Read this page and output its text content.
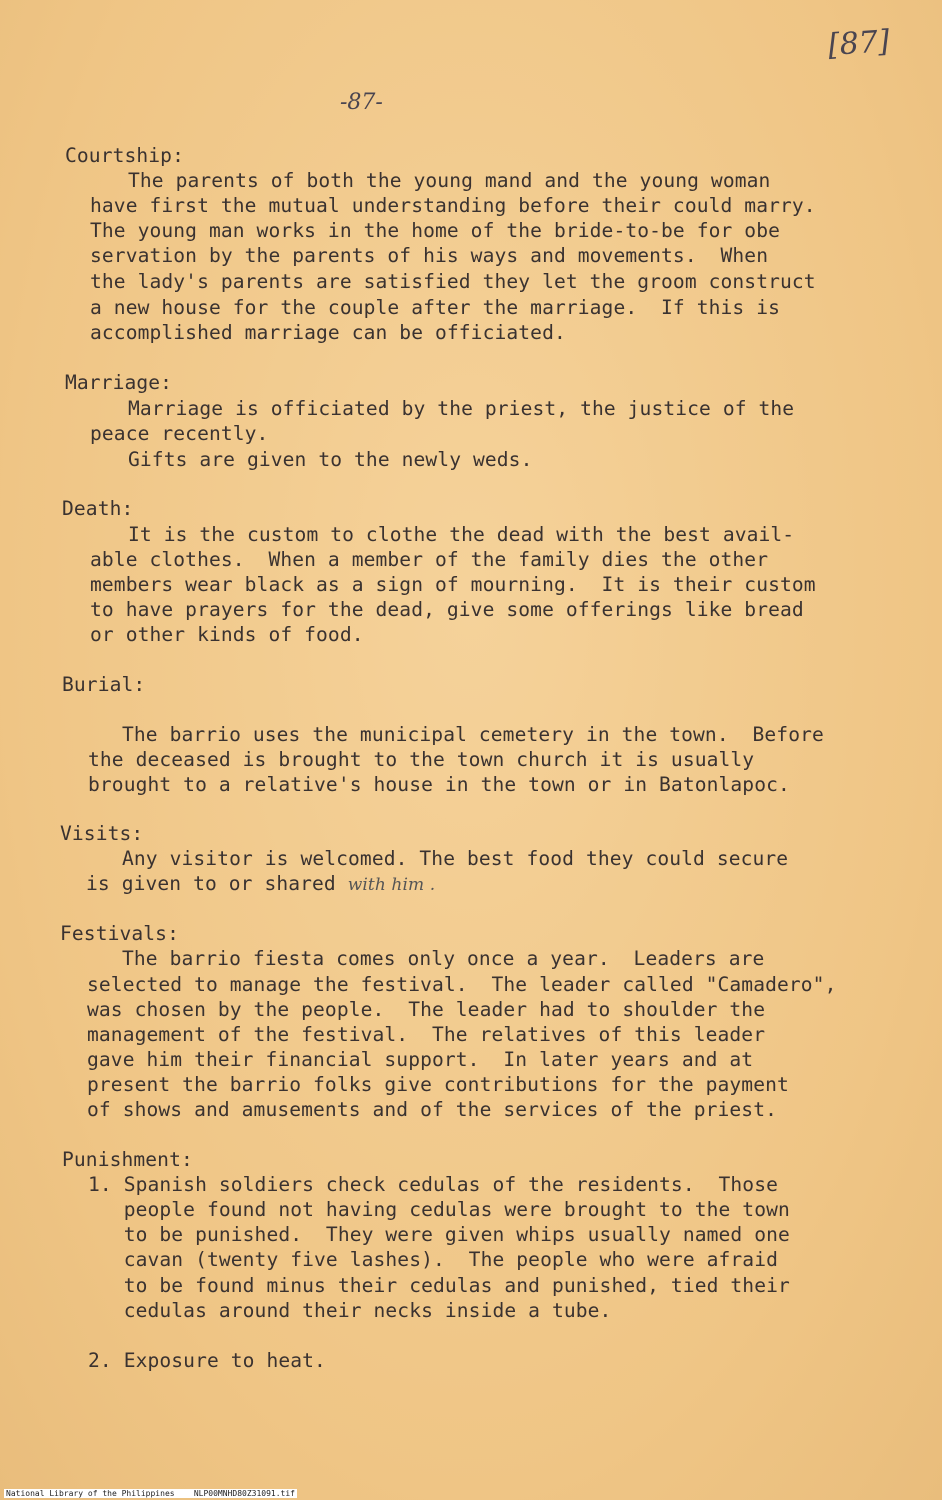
[87]
-87-
Courtship:
The parents of both the young mand and the young woman
have first the mutual understanding before their could marry.
The young man works in the home of the bride-to-be for obe
servation by the parents of his ways and movements.  When
the lady's parents are satisfied they let the groom construct
a new house for the couple after the marriage.  If this is
accomplished marriage can be officiated.
Marriage:
Marriage is officiated by the priest, the justice of the
peace recently.
Gifts are given to the newly weds.
Death:
It is the custom to clothe the dead with the best avail-
able clothes.  When a member of the family dies the other
members wear black as a sign of mourning.  It is their custom
to have prayers for the dead, give some offerings like bread
or other kinds of food.
Burial:
The barrio uses the municipal cemetery in the town.  Before
the deceased is brought to the town church it is usually
brought to a relative's house in the town or in Batonlapoc.
Visits:
Any visitor is welcomed. The best food they could secure
is given to or shared with him .
Festivals:
The barrio fiesta comes only once a year.  Leaders are
selected to manage the festival.  The leader called "Camadero",
was chosen by the people.  The leader had to shoulder the
management of the festival.  The relatives of this leader
gave him their financial support.  In later years and at
present the barrio folks give contributions for the payment
of shows and amusements and of the services of the priest.
Punishment:
1. Spanish soldiers check cedulas of the residents.  Those
people found not having cedulas were brought to the town
to be punished.  They were given whips usually named one
cavan (twenty five lashes).  The people who were afraid
to be found minus their cedulas and punished, tied their
cedulas around their necks inside a tube.
2. Exposure to heat.
National Library of the Philippines    NLP00MNHD80Z31091.tif
